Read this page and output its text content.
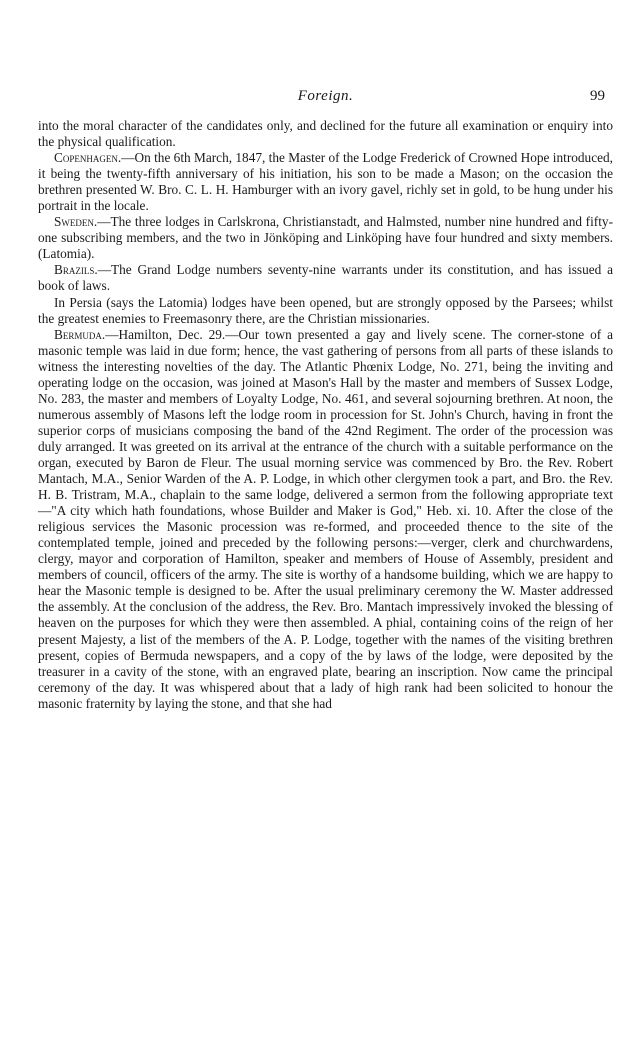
Foreign.	99

into the moral character of the candidates only, and declined for the future all examination or enquiry into the physical qualification.

Copenhagen.—On the 6th March, 1847, the Master of the Lodge Frederick of Crowned Hope introduced, it being the twenty-fifth anniversary of his initiation, his son to be made a Mason; on the occasion the brethren presented W. Bro. C. L. H. Hamburger with an ivory gavel, richly set in gold, to be hung under his portrait in the locale.

Sweden.—The three lodges in Carlskrona, Christianstadt, and Halmsted, number nine hundred and fifty-one subscribing members, and the two in Jönköping and Linköping have four hundred and sixty members. (Latomia).

Brazils.—The Grand Lodge numbers seventy-nine warrants under its constitution, and has issued a book of laws.

In Persia (says the Latomia) lodges have been opened, but are strongly opposed by the Parsees; whilst the greatest enemies to Freemasonry there, are the Christian missionaries.

Bermuda.—Hamilton, Dec. 29.—Our town presented a gay and lively scene. The corner-stone of a masonic temple was laid in due form; hence, the vast gathering of persons from all parts of these islands to witness the interesting novelties of the day. The Atlantic Phœnix Lodge, No. 271, being the inviting and operating lodge on the occasion, was joined at Mason's Hall by the master and members of Sussex Lodge, No. 283, the master and members of Loyalty Lodge, No. 461, and several sojourning brethren. At noon, the numerous assembly of Masons left the lodge room in procession for St. John's Church, having in front the superior corps of musicians composing the band of the 42nd Regiment. The order of the procession was duly arranged. It was greeted on its arrival at the entrance of the church with a suitable performance on the organ, executed by Baron de Fleur. The usual morning service was commenced by Bro. the Rev. Robert Mantach, M.A., Senior Warden of the A. P. Lodge, in which other clergymen took a part, and Bro. the Rev. H. B. Tristram, M.A., chaplain to the same lodge, delivered a sermon from the following appropriate text—"A city which hath foundations, whose Builder and Maker is God," Heb. xi. 10. After the close of the religious services the Masonic procession was re-formed, and proceeded thence to the site of the contemplated temple, joined and preceded by the following persons:—verger, clerk and churchwardens, clergy, mayor and corporation of Hamilton, speaker and members of House of Assembly, president and members of council, officers of the army. The site is worthy of a handsome building, which we are happy to hear the Masonic temple is designed to be. After the usual preliminary ceremony the W. Master addressed the assembly. At the conclusion of the address, the Rev. Bro. Mantach impressively invoked the blessing of heaven on the purposes for which they were then assembled. A phial, containing coins of the reign of her present Majesty, a list of the members of the A. P. Lodge, together with the names of the visiting brethren present, copies of Bermuda newspapers, and a copy of the by laws of the lodge, were deposited by the treasurer in a cavity of the stone, with an engraved plate, bearing an inscription. Now came the principal ceremony of the day. It was whispered about that a lady of high rank had been solicited to honour the masonic fraternity by laying the stone, and that she had
